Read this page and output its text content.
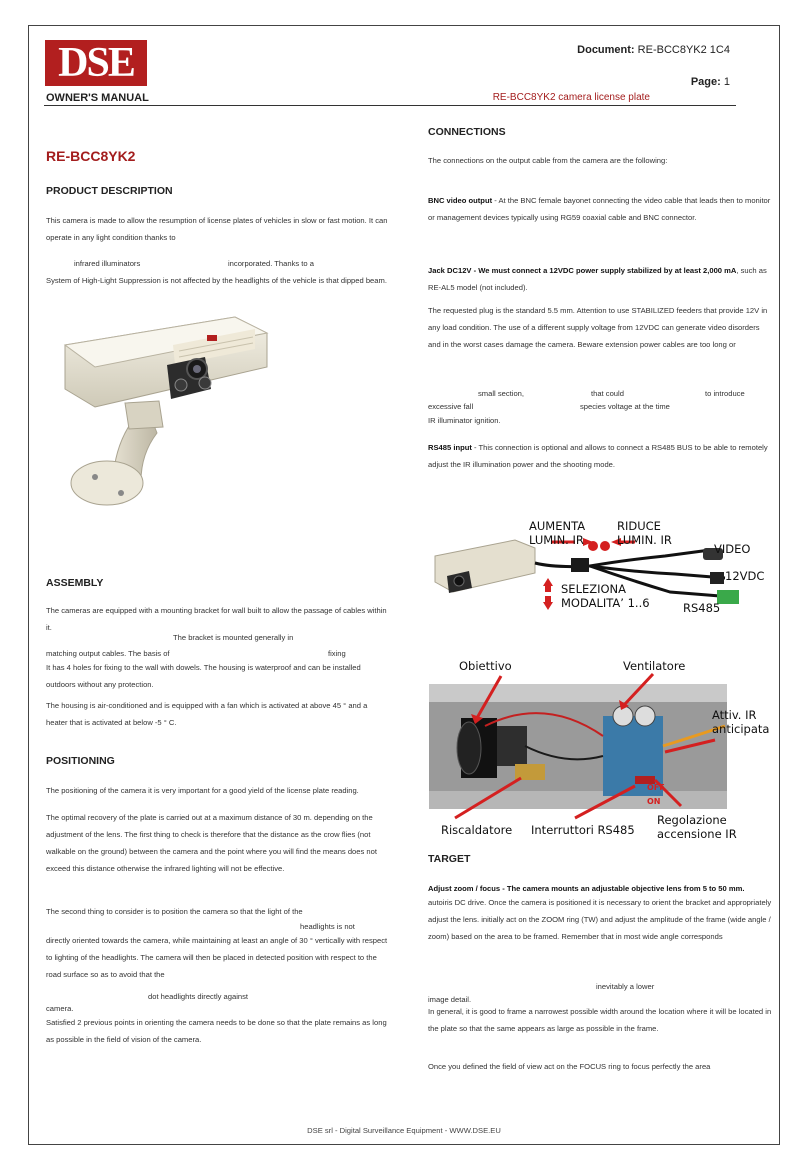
DSE	Document: RE-BCC8YK2 1C4
Page: 1
OWNER'S MANUAL	RE-BCC8YK2 camera license plate
RE-BCC8YK2
PRODUCT DESCRIPTION
This camera is made to allow the resumption of license plates of vehicles in slow or fast motion. It can operate in any light condition thanks to
infrared illuminators	incorporated. Thanks to a
System of High-Light Suppression is not affected by the headlights of the vehicle is that dipped beam.
ASSEMBLY
The cameras are equipped with a mounting bracket for wall built to allow the passage of cables within it.
The bracket is mounted generally in
matching output cables. The basis of	fixing
It has 4 holes for fixing to the wall with dowels. The housing is waterproof and can be installed outdoors without any protection.
The housing is air-conditioned and is equipped with a fan which is activated at above 45 ° and a heater that is activated at below -5 ° C.
POSITIONING
The positioning of the camera it is very important for a good yield of the license plate reading.
The optimal recovery of the plate is carried out at a maximum distance of 30 m. depending on the adjustment of the lens. The first thing to check is therefore that the distance as the crow flies (not walkable on the ground) between the camera and the point where you will find the means does not exceed this distance otherwise the infrared lighting will not be effective.
The second thing to consider is to position the camera so that the light of the
headlights is not
directly oriented towards the camera, while maintaining at least an angle of 30 ° vertically with respect to lighting of the headlights. The camera will then be placed in detected position with respect to the road surface so as to avoid that the
dot headlights directly against
camera.
Satisfied 2 previous points in orienting the camera needs to be done so that the plate remains as long as possible in the field of vision of the camera.
CONNECTIONS
The connections on the output cable from the camera are the following:
BNC video output - At the BNC female bayonet connecting the video cable that leads then to monitor or management devices typically using RG59 coaxial cable and BNC connector.
Jack DC12V - We must connect a 12VDC power supply stabilized by at least 2,000 mA, such as RE-AL5 model (not included).
The requested plug is the standard 5.5 mm. Attention to use STABILIZED feeders that provide 12V in any load condition. The use of a different supply voltage from 12VDC can generate video disorders and in the worst cases damage the camera. Beware extension power cables are too long or
small section,	that could	to introduce
excessive fall	species voltage at the time
IR illuminator ignition.
RS485 input - This connection is optional and allows to connect a RS485 BUS to be able to remotely adjust the IR illumination power and the shooting mode.
AUMENTA
LUMIN. IR
RIDUCE
LUMIN. IR
VIDEO
12VDC
SELEZIONA
MODALITA’ 1..6	RS485
Obiettivo	Ventilatore
Attiv. IR
anticipata
OFF
ON
Riscaldatore Interruttori RS485
Regolazione
accensione IR
TARGET
Adjust zoom / focus - The camera mounts an adjustable objective lens from 5 to 50 mm.
autoiris DC drive. Once the camera is positioned it is necessary to orient the bracket and appropriately adjust the lens. initially act on the ZOOM ring (TW) and adjust the amplitude of the frame (wide angle / zoom) based on the area to be framed. Remember that in most wide angle corresponds
inevitably a lower
image detail.
In general, it is good to frame a narrowest possible width around the location where it will be located in the plate so that the same appears as large as possible in the frame.
Once you defined the field of view act on the FOCUS ring to focus perfectly the area
DSE srl - Digital Surveillance Equipment - WWW.DSE.EU
